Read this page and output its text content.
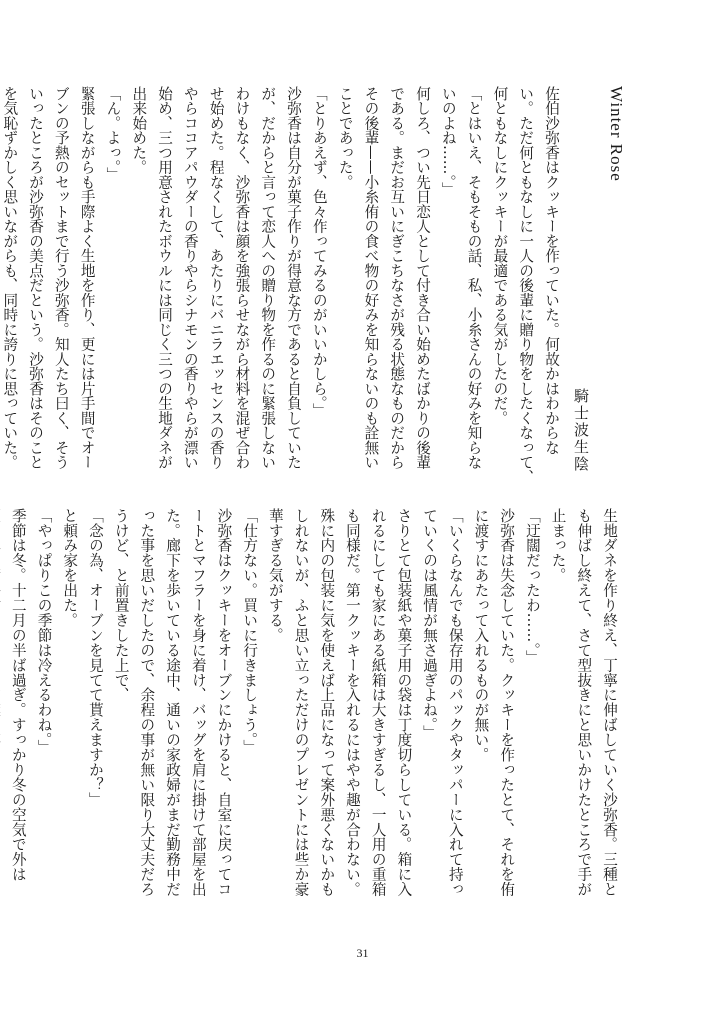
Winter Rose
騎士波生陰
佐伯沙弥香はクッキーを作っていた。何故かはわからな
い。ただ何ともなしに一人の後輩に贈り物をしたくなって、
何ともなしにクッキーが最適である気がしたのだ。
「とはいえ、そもそもの話、私、小糸さんの好みを知らな
いのよね……。」
何しろ、つい先日恋人として付き合い始めたばかりの後輩
である。まだお互いにぎこちなさが残る状態なものだから
その後輩——小糸侑の食べ物の好みを知らないのも詮無い
ことであった。
「とりあえず、色々作ってみるのがいいかしら。」
沙弥香は自分が菓子作りが得意な方であると自負していた
が、だからと言って恋人への贈り物を作るのに緊張しない
わけもなく、沙弥香は顔を強張らせながら材料を混ぜ合わ
せ始めた。程なくして、あたりにバニラエッセンスの香り
やらココアパウダーの香りやらシナモンの香りやらが漂い
始め、三つ用意されたボウルには同じく三つの生地ダネが
出来始めた。
「ん。よっ。」
緊張しながらも手際よく生地を作り、更には片手間でオー
ブンの予熱のセットまで行う沙弥香。知人たち曰く、そう
いったところが沙弥香の美点だという。沙弥香はそのこと
を気恥ずかしく思いながらも、同時に誇りに思っていた。
生地ダネを作り終え、丁寧に伸ばしていく沙弥香。三種と
も伸ばし終えて、さて型抜きにと思いかけたところで手が
止まった。
「迂闊だったわ……。」
沙弥香は失念していた。クッキーを作ったとて、それを侑
に渡すにあたって入れるものが無い。
「いくらなんでも保存用のパックやタッパーに入れて持っ
ていくのは風情が無さ過ぎよね。」
さりとて包装紙や菓子用の袋は丁度切らしている。箱に入
れるにしても家にある紙箱は大きすぎるし、一人用の重箱
も同様だ。第一クッキーを入れるにはやや趣が合わない。
殊に内の包装に気を使えば上品になって案外悪くないかも
しれないが、ふと思い立っただけのプレゼントには些か豪
華すぎる気がする。
「仕方ない。買いに行きましょう。」
沙弥香はクッキーをオーブンにかけると、自室に戻ってコ
ートとマフラーを身に着け、バッグを肩に掛けて部屋を出
た。廊下を歩いている途中、通いの家政婦がまだ勤務中だ
った事を思いだしたので、余程の事が無い限り大丈夫だろ
うけど、と前置きした上で、
「念の為、オーブンを見てて貰えますか？」
と頼み家を出た。
「やっぱりこの季節は冷えるわね。」
季節は冬。十二月の半ば過ぎ。すっかり冬の空気で外は
31
